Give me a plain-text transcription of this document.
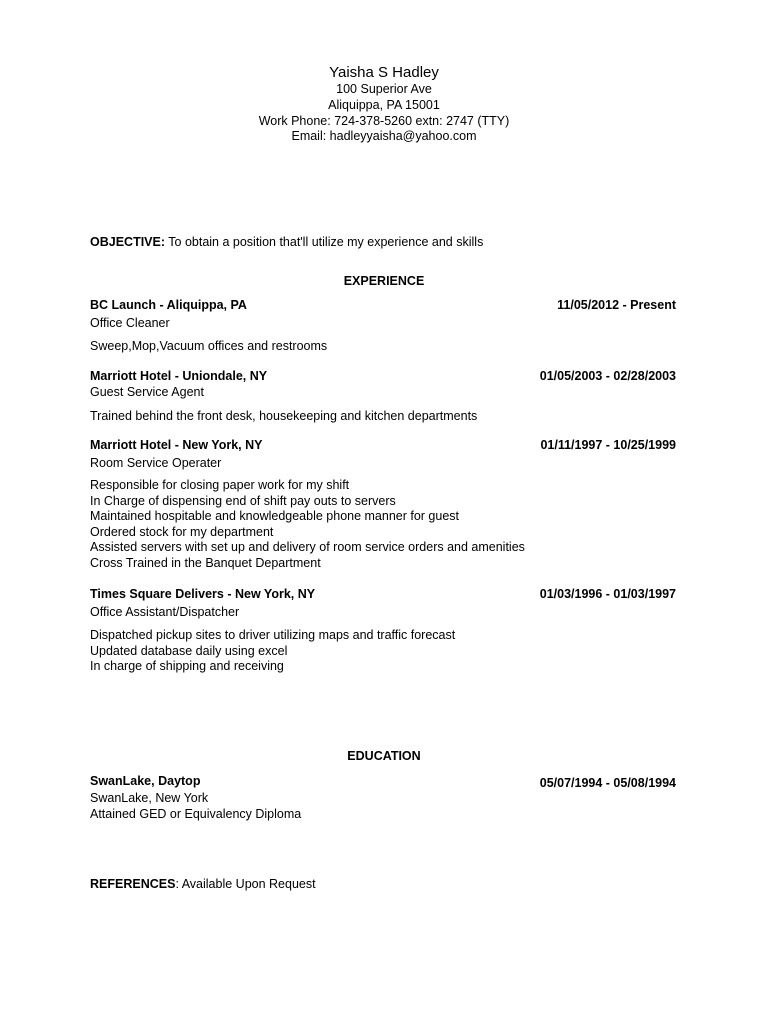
Yaisha S Hadley
100 Superior Ave
Aliquippa, PA 15001
Work Phone: 724-378-5260 extn: 2747 (TTY)
Email: hadleyyaisha@yahoo.com
OBJECTIVE: To obtain a position that'll utilize my experience and skills
EXPERIENCE
BC Launch - Aliquippa, PA	11/05/2012 - Present
Office Cleaner
Sweep,Mop,Vacuum offices and restrooms
Marriott Hotel - Uniondale, NY	01/05/2003 - 02/28/2003
Guest Service Agent
Trained behind the front desk, housekeeping and kitchen departments
Marriott Hotel - New York, NY	01/11/1997 - 10/25/1999
Room Service Operater
Responsible for closing paper work for my shift
In Charge of dispensing end of shift pay outs to servers
Maintained hospitable and knowledgeable phone manner for guest
Ordered stock for my department
Assisted servers with set up and delivery of room service orders and amenities
Cross Trained in the Banquet Department
Times Square Delivers - New York, NY	01/03/1996 - 01/03/1997
Office Assistant/Dispatcher
Dispatched pickup sites to driver utilizing maps and traffic forecast
Updated database daily using excel
In charge of shipping and receiving
EDUCATION
SwanLake, Daytop	05/07/1994 - 05/08/1994
SwanLake, New York
Attained GED or Equivalency Diploma
REFERENCES: Available Upon Request
